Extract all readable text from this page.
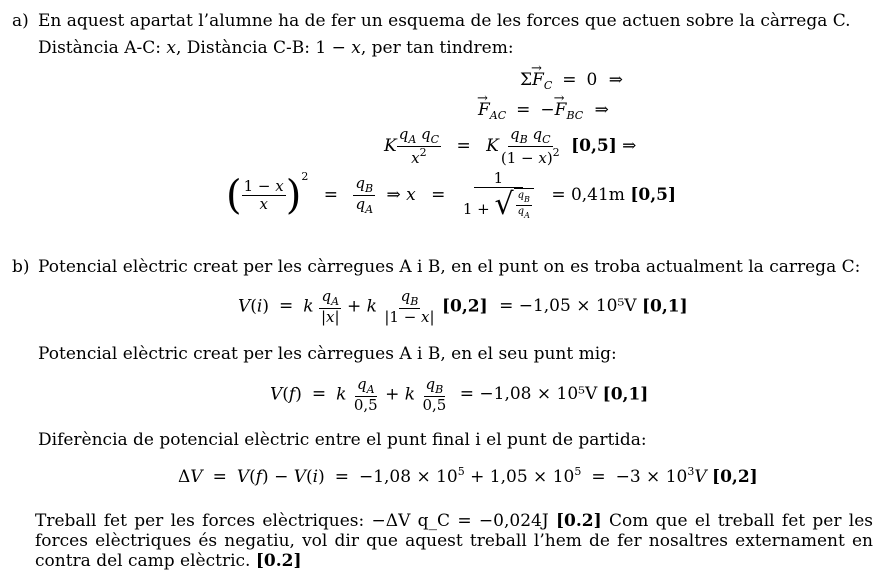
a) En aquest apartat l’alumne ha de fer un esquema de les forces que actuen sobre la càrrega C.
Distància A-C: x, Distància C-B: 1 − x, per tan tindrem:
$\Sigma\to F_C = 0$ ⇒
→ $F_{AC}$ = −→ $F_{BC}$ ⇒
K $\frac{q_A q_C}{x^2} = K \frac{q_B q_C}{(1 - x)^2} [0,5]$ ⇒
( $\frac{1 - x}{x} )^2 = \frac{q_B}{q_A}$ ⇒ $x = \frac{1}{1 + √ \frac{q_B}{q_A}} = 0,41m$ [0,5]
b) Potencial elèctric creat per les càrregues A i B, en el punt on es troba actualment la carrega C:
V(i) = k $\frac{q_A}{|x|} + k \frac{q_B}{|1 - x|} [0,2] = -1,05 \times 10^5V$ [0,1]
Potencial elèctric creat per les càrregues A i B, en el seu punt mig:
V(f) = k $\frac{q_A}{0,5} + k \frac{q_B}{0,5} = -1,08 \times 10^5V$ [0,1]
Diferència de potencial elèctric entre el punt final i el punt de partida:
$\Delta V = V(f) - V(i) = -1,08 \times 10^5 + 1,05 \times 10^5 = -3 \times 10^3V$ [0,2]
Treball fet per les forces elèctriques: −ΔV q_C = −0,024J [0.2] Com que el treball fet per les forces elèctriques és negatiu, vol dir que aquest treball l’hem de fer nosaltres externament en contra del camp elèctric. [0.2]
